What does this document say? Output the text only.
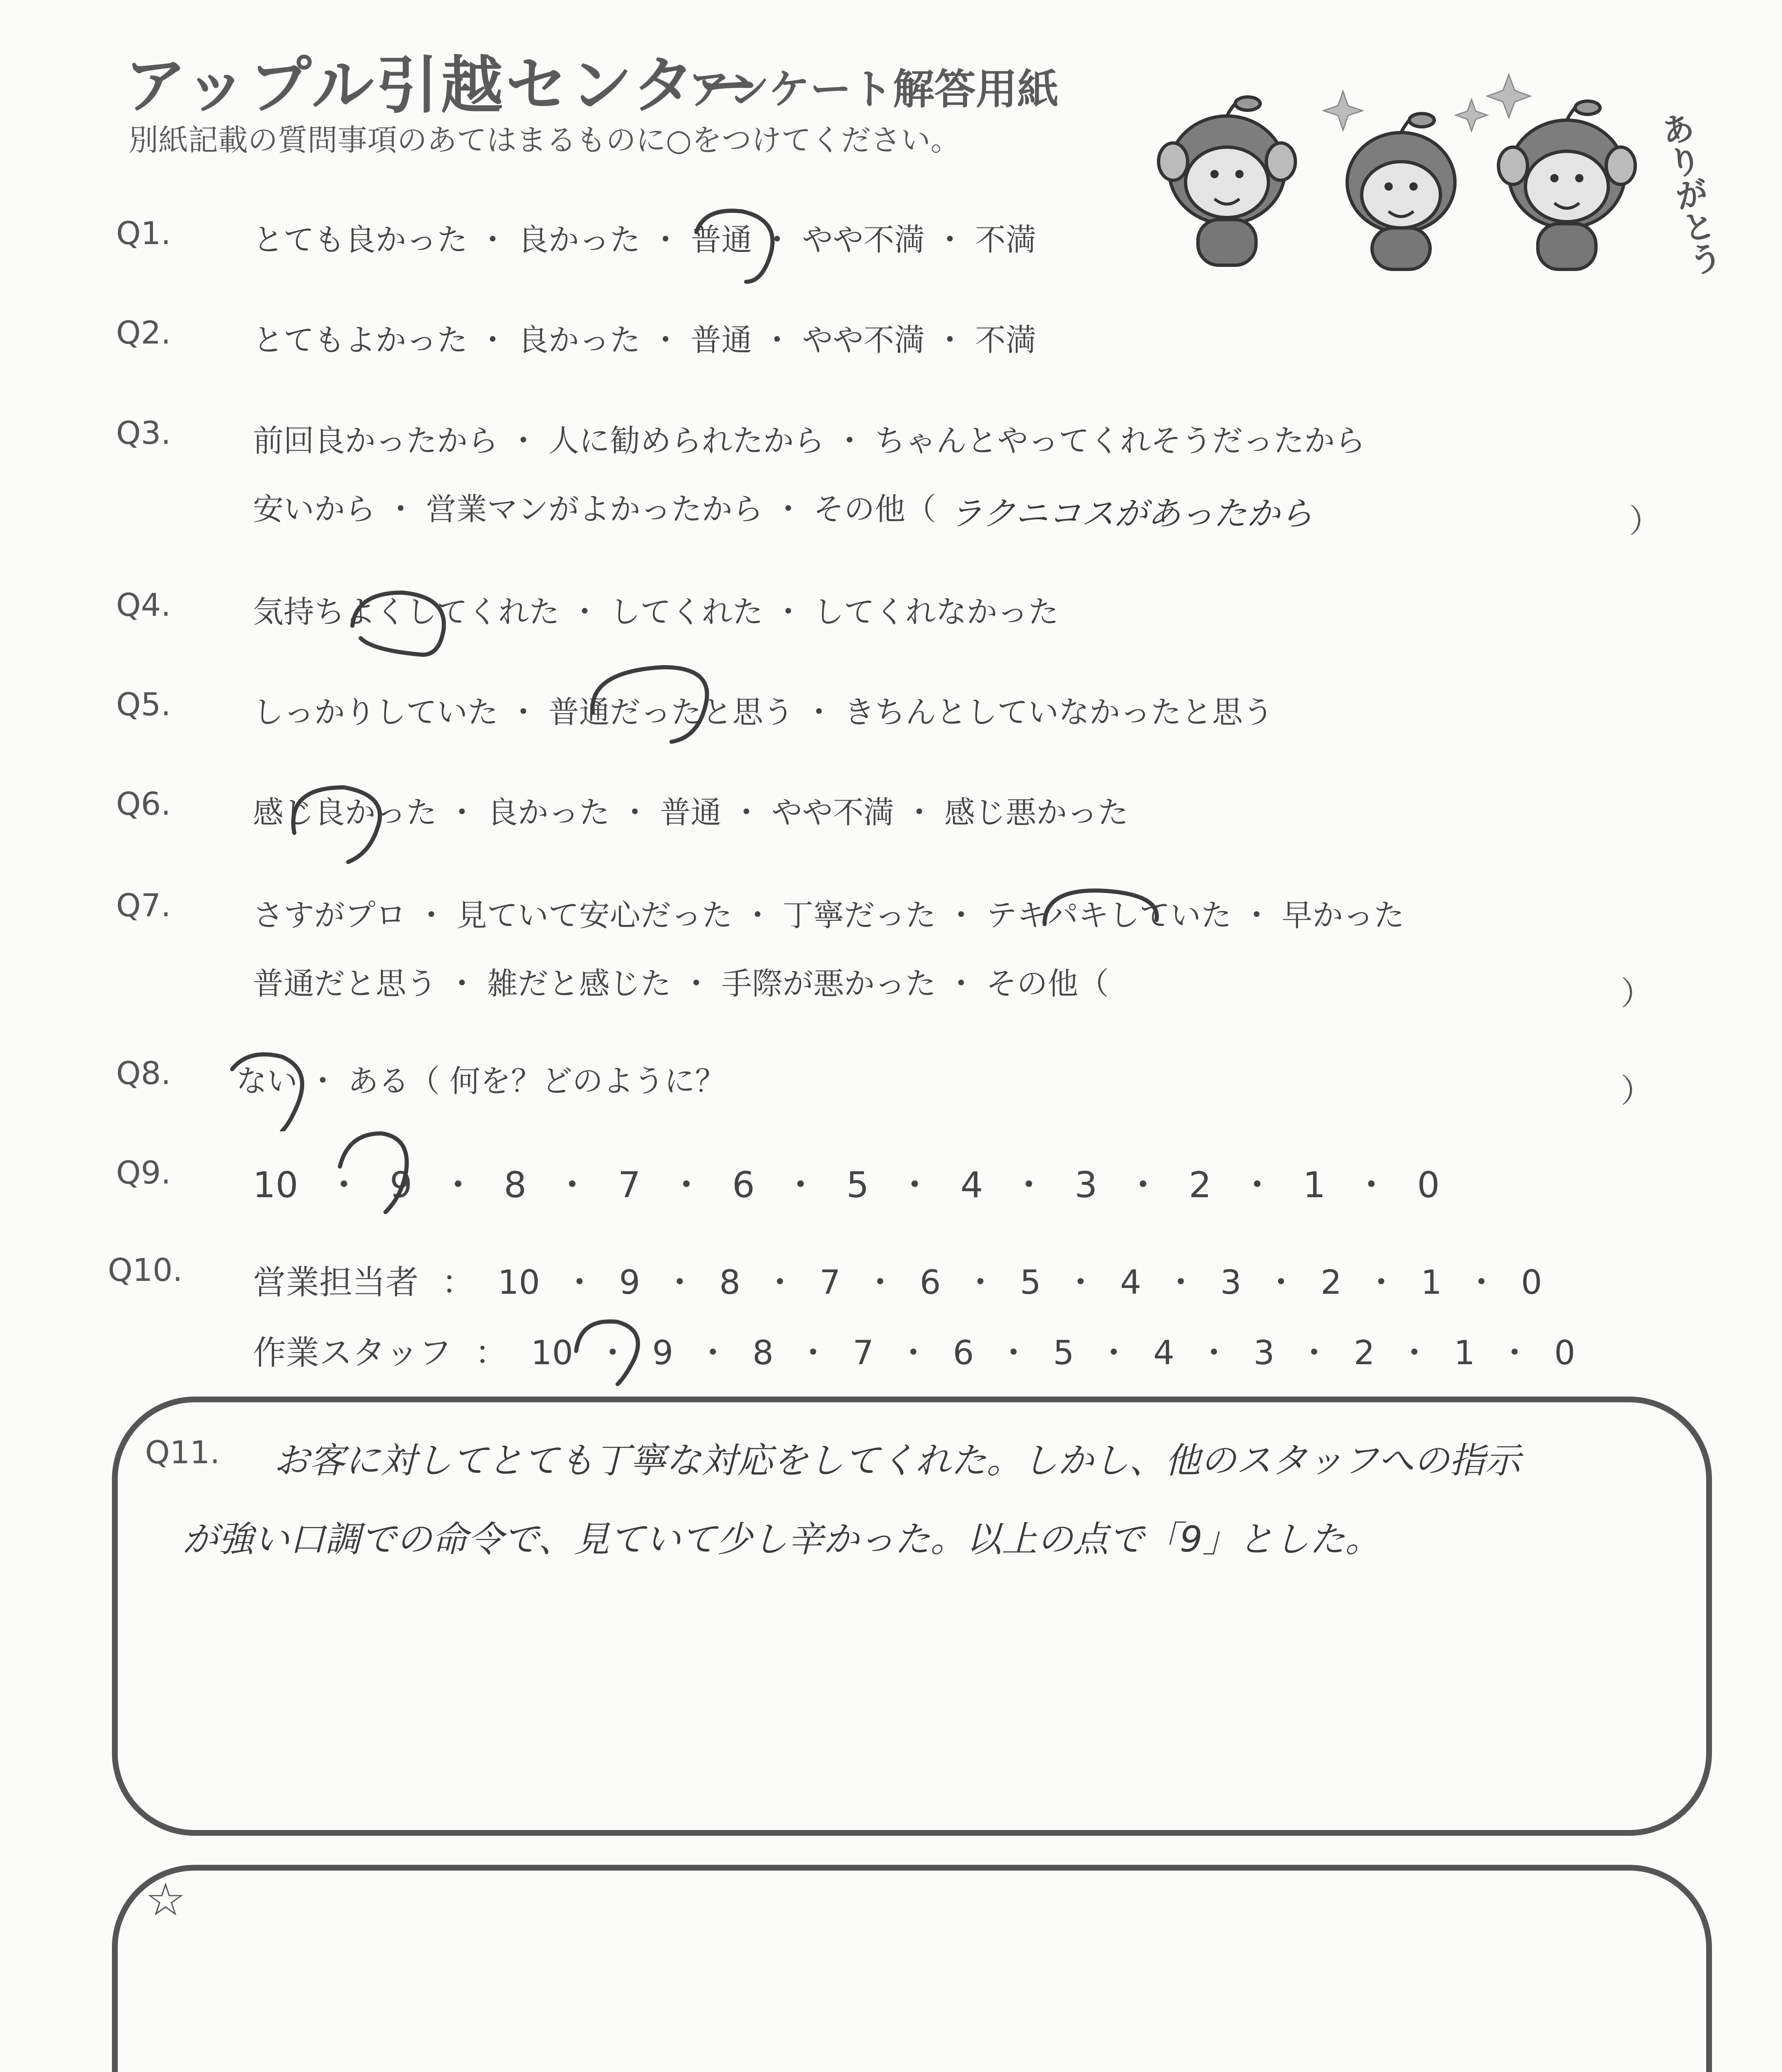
アップル引越センター
アンケート解答用紙
別紙記載の質問事項のあてはまるものに○をつけてください。	ありがとう
Q1.	とても良かった ・ 良かった ・ 普通 ・ やや不満 ・ 不満
Q2.	とてもよかった ・ 良かった ・ 普通 ・ やや不満 ・ 不満
Q3.	前回良かったから ・ 人に勧められたから ・ ちゃんとやってくれそうだったから
安いから ・ 営業マンがよかったから ・ その他（ ラクニコスがあったから	）
Q4.	気持ちよくしてくれた ・ してくれた ・ してくれなかった
Q5.	しっかりしていた ・ 普通だったと思う ・ きちんとしていなかったと思う
Q6.	感じ良かった ・ 良かった ・ 普通 ・ やや不満 ・ 感じ悪かった
Q7.	さすがプロ ・ 見ていて安心だった ・ 丁寧だった ・ テキパキしていた ・ 早かった
普通だと思う ・ 雑だと感じた ・ 手際が悪かった ・ その他（	）
Q8. ない ・ ある（ 何を？どのように？	）
Q9. 10 ・ 9 ・ 8 ・ 7 ・ 6 ・ 5 ・ 4 ・ 3 ・ 2 ・ 1 ・ 0
Q10. 営業担当者 ： 10 ・ 9 ・ 8 ・ 7 ・ 6 ・ 5 ・ 4 ・ 3 ・ 2 ・ 1 ・ 0
作業スタッフ ： 10 ・ 9 ・ 8 ・ 7 ・ 6 ・ 5 ・ 4 ・ 3 ・ 2 ・ 1 ・ 0
Q11. お客に対してとても丁寧な対応をしてくれた。しかし、他のスタッフへの指示
が強い口調での命令で、見ていて少し辛かった。以上の点で「9」とした。
☆
